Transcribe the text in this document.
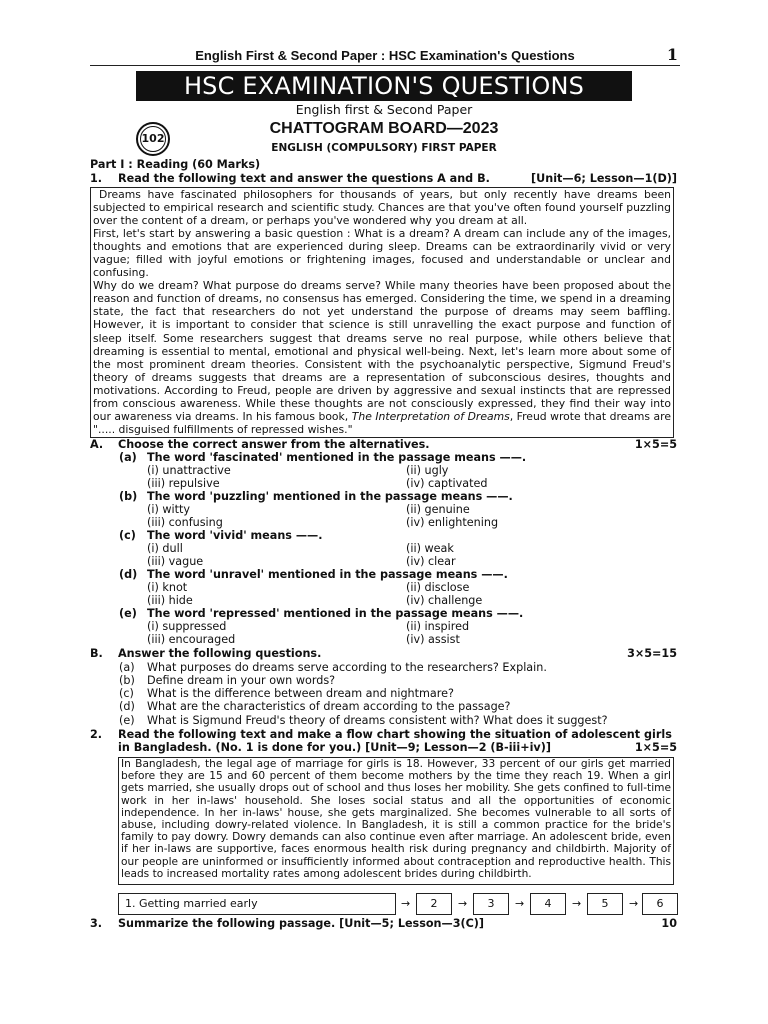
English First & Second Paper : HSC Examination's Questions	1
HSC EXAMINATION'S QUESTIONS
English first & Second Paper
102
CHATTOGRAM BOARD—2023
ENGLISH (COMPULSORY) FIRST PAPER
Part I : Reading (60 Marks)
1. Read the following text and answer the questions A and B.	[Unit—6; Lesson—1(D)]

Dreams have fascinated philosophers for thousands of years, but only recently have dreams been subjected to empirical research and scientific study. Chances are that you've often found yourself puzzling over the content of a dream, or perhaps you've wondered why you dream at all.

First, let's start by answering a basic question : What is a dream? A dream can include any of the images, thoughts and emotions that are experienced during sleep. Dreams can be extraordinarily vivid or very vague; filled with joyful emotions or frightening images, focused and understandable or unclear and confusing.

Why do we dream? What purpose do dreams serve? While many theories have been proposed about the reason and function of dreams, no consensus has emerged. Considering the time, we spend in a dreaming state, the fact that researchers do not yet understand the purpose of dreams may seem baffling. However, it is important to consider that science is still unravelling the exact purpose and function of sleep itself. Some researchers suggest that dreams serve no real purpose, while others believe that dreaming is essential to mental, emotional and physical well-being. Next, let's learn more about some of the most prominent dream theories. Consistent with the psychoanalytic perspective, Sigmund Freud's theory of dreams suggests that dreams are a representation of subconscious desires, thoughts and motivations. According to Freud, people are driven by aggressive and sexual instincts that are repressed from conscious awareness. While these thoughts are not consciously expressed, they find their way into our awareness via dreams. In his famous book, The Interpretation of Dreams, Freud wrote that dreams are "..... disguised fulfillments of repressed wishes."

A. Choose the correct answer from the alternatives.	1×5=5
(a) The word 'fascinated' mentioned in the passage means ——.
(i) unattractive	(ii) ugly
(iii) repulsive	(iv) captivated
(b) The word 'puzzling' mentioned in the passage means ——.
(i) witty	(ii) genuine
(iii) confusing	(iv) enlightening
(c) The word 'vivid' means ——.
(i) dull	(ii) weak
(iii) vague	(iv) clear
(d) The word 'unravel' mentioned in the passage means ——.
(i) knot	(ii) disclose
(iii) hide	(iv) challenge
(e) The word 'repressed' mentioned in the passage means ——.
(i) suppressed	(ii) inspired
(iii) encouraged	(iv) assist
B. Answer the following questions.	3×5=15
(a) What purposes do dreams serve according to the researchers? Explain.
(b) Define dream in your own words?
(c) What is the difference between dream and nightmare?
(d) What are the characteristics of dream according to the passage?
(e) What is Sigmund Freud's theory of dreams consistent with? What does it suggest?
2. Read the following text and make a flow chart showing the situation of adolescent girls
in Bangladesh. (No. 1 is done for you.) [Unit—9; Lesson—2 (B-iii+iv)]	1×5=5

In Bangladesh, the legal age of marriage for girls is 18. However, 33 percent of our girls get married before they are 15 and 60 percent of them become mothers by the time they reach 19. When a girl gets married, she usually drops out of school and thus loses her mobility. She gets confined to full-time work in her in-laws' household. She loses social status and all the opportunities of economic independence. In her in-laws' house, she gets marginalized. She becomes vulnerable to all sorts of abuse, including dowry-related violence. In Bangladesh, it is still a common practice for the bride's family to pay dowry. Dowry demands can also continue even after marriage. An adolescent bride, even if her in-laws are supportive, faces enormous health risk during pregnancy and childbirth. Majority of our people are uninformed or insufficiently informed about contraception and reproductive health. This leads to increased mortality rates among adolescent brides during childbirth.

1. Getting married early	→	2	→	3	→	4	→	5	→	6
3. Summarize the following passage. [Unit—5; Lesson—3(C)]	10
